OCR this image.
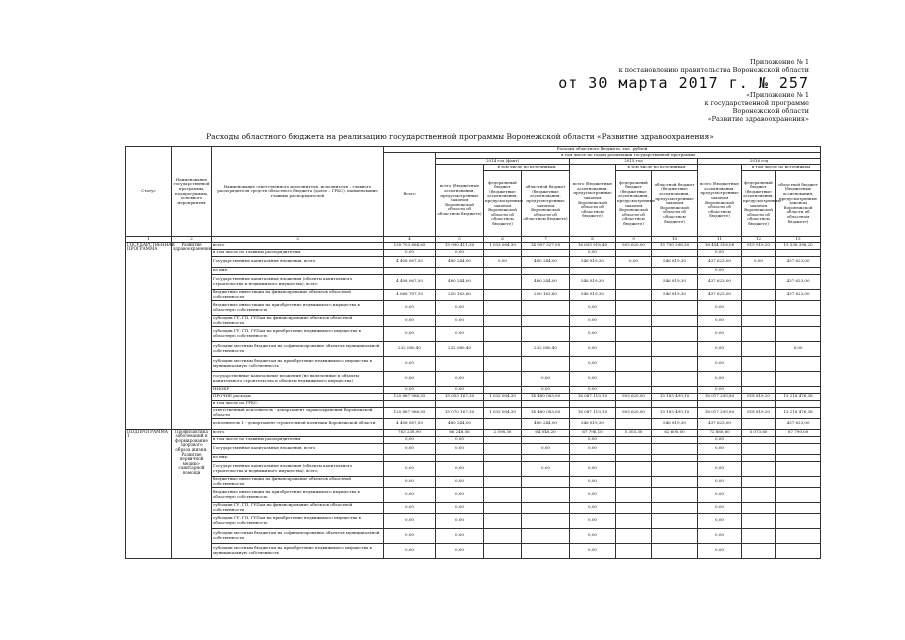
Приложение № 1
к постановлению правительства Воронежской области
от 30 марта 2017 г. № 257
«Приложение № 1
к государственной программе
Воронежской области
«Развитие здравоохранения»
Расходы областного бюджета на реализацию государственной программы Воронежской области «Развитие здравоохранения»
Статус	Наименование государственной программы, подпрограммы, основного мероприятия	Наименование ответственного исполнителя, исполнителя – главного распорядителя средств областного бюджета (далее – ГРБС), наименование главных распорядителей	Расходы областного бюджета, тыс. рублей									
			Всего	в том числе по годам реализации государственной программы								
				2014 год (факт)			2015 год			2016 год		
				всего (бюджетные ассигнования, предусмотренные законом Воронежской области об областном бюджете)	в том числе по источникам		всего (бюджетные ассигнования, предусмотренные законом Воронежской области об областном бюджете)	в том числе по источникам		всего (бюджетные ассигнования, предусмотренные законом Воронежской области об областном бюджете)	в том числе по источникам	
					федеральный бюджет (бюджетные ассигнования, предусмотренные законом Воронежской области об областном бюджете)	областной бюджет (бюджетные ассигнования, предусмотренные законом Воронежской области об областном бюджете)		федеральный бюджет (бюджетные ассигнования, предусмотренные законом Воронежской области об областном бюджете)	областной бюджет (бюджетные ассигнования, предусмотренные законом Воронежской области об областном бюджете)		федеральный бюджет (бюджетные ассигнования, предусмотренные законом Воронежской области об областном бюджете)	областной бюджет (бюджетные ассигнования, предусмотренные законом Воронежской области об областном бюджете)
1	2	3	4	5	6	7	8	9	10	11	12	13
ГОСУДАРСТВЕННАЯ ПРОГРАММА	Развитие здравоохранения	всего	130 703 864,65	15 990 411,30	1 033 084,30	14 957 327,00	16 633 918,40	903 620,00	15 730 298,30	16 454 318,08	915 919,20	15 538 398,20
		в том числе по главным распорядителям	0,00	0,00			0,00			0,00		
		Государственные капитальные вложения, всего	4 408 067,50	480 244,00	0,00	480 244,00	546 819,30	0,00	546 819,30	437 623,00	0,00	437 623,00
		из них:								0,00		
		Государственные капитальные вложения (объекты капитального строительства и недвижимого имущества), всего	4 408 067,50	480 244,00		480 244,00	546 819,30		546 819,30	437 623,00		437 623,00
		бюджетные инвестиции на финансирование объектов областной собственности	4 068 787,10	250 163,60		250 163,60	546 819,30		546 819,30	437 623,00		437 623,00
		бюджетные инвестиции на приобретение недвижимого имущества в областную собственность	0,00	0,00			0,00			0,00		
		субсидии ГУ, ГП, ГУПам на финансирование объектов областной собственности	0,00	0,00			0,00			0,00		
		субсидии ГУ, ГП, ГУПам на приобретение недвижимого имущества в областную собственность	0,00	0,00			0,00			0,00		
		субсидии местным бюджетам на софинансирование объектов муниципальной собственности	232 080,40	232 080,40		232 080,40	0,00			0,00		0,00
		субсидии местным бюджетам на приобретение недвижимого имущества в муниципальную собственность	0,00				0,00			0,00		
		государственные капитальные вложения (не включенные в объекты капитального строительства и объекты недвижимого имущества)	0,00	0,00		0,00	0,00			0,00		
		НИОКР	0,00	0,00		0,00	0,00			0,00		
		ПРОЧИЕ расходы	125 887 966,55	15 053 167,30	1 033 084,30	14 480 083,00	16 087 119,10	903 620,00	15 183 499,10	16 017 295,80	918 819,20	15 218 476,38
		в том числе по ГРБС:										
		ответственный исполнитель - департамент здравоохранения Воронежской области	125 887 966,55	15 070 167,30	1 033 084,30	14 480 083,00	16 087 119,10	903 620,00	15 183 499,10	16 017 295,80	918 819,20	15 218 476,38
		исполнитель 1 - департамент строительной политики Воронежской области	4 408 067,50	480 244,00		480 244,00	546 819,30		546 819,30	437 623,00		437 623,00
ПОДПРОГРАММА 1	Профилактика заболеваний и формирование здорового образа жизни. Развитие первичной медико-санитарной помощи	всего	763 238,90	66 248,56	2 598,30	64 040,20	67 796,10	5 303,30	62 600,00	72 860,60	5 073,60	67 790,00
		в том числе по главным распорядителям	0,00	0,00			0,00			0,00		
		Государственные капитальные вложения, всего	0,00	0,00		0,00	0,00			0,00		
		из них:										
		Государственные капитальные вложения (объекты капитального строительства и недвижимого имущества), всего	0,00	0,00		0,00	0,00			0,00		
		бюджетные инвестиции на финансирование объектов областной собственности	0,00	0,00			0,00			0,00		
		бюджетные инвестиции на приобретение недвижимого имущества в областную собственность	0,00	0,00			0,00			0,00		
		субсидии ГУ, ГП, ГУПам на финансирование объектов областной собственности	0,00	0,00			0,00			0,00		
		субсидии ГУ, ГП, ГУПам на приобретение недвижимого имущества в областную собственность	0,00	0,00			0,00			0,00		
		субсидии местным бюджетам на софинансирование объектов муниципальной собственности	0,00	0,00			0,00			0,00		
		субсидии местным бюджетам на приобретение недвижимого имущества в муниципальную собственность	0,00	0,00			0,00			0,00		
